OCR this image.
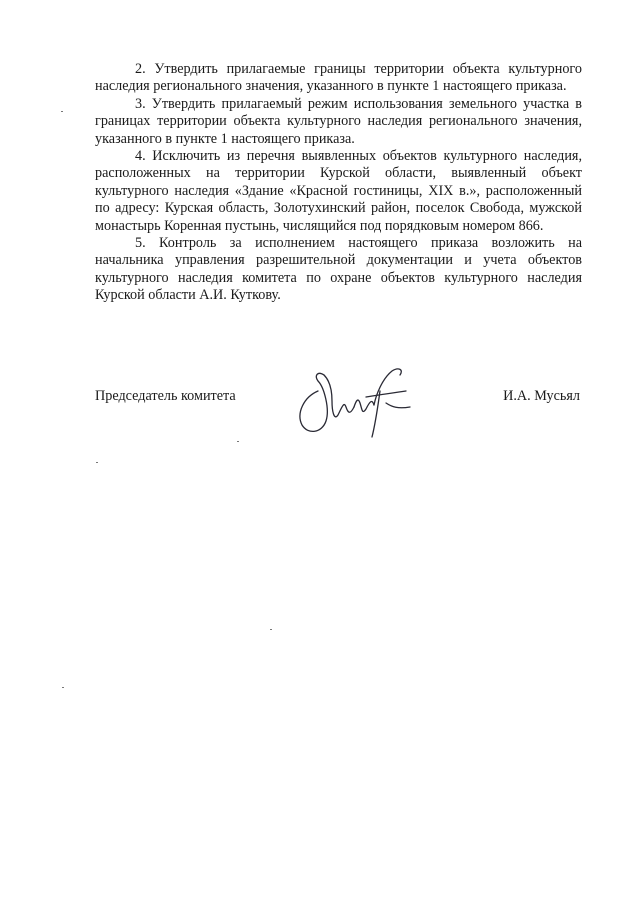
2. Утвердить прилагаемые границы территории объекта культурного наследия регионального значения, указанного в пункте 1 настоящего приказа.

3. Утвердить прилагаемый режим использования земельного участка в границах территории объекта культурного наследия регионального значения, указанного в пункте 1 настоящего приказа.

4. Исключить из перечня выявленных объектов культурного наследия, расположенных на территории Курской области, выявленный объект культурного наследия «Здание «Красной гостиницы, XIX в.», расположенный по адресу: Курская область, Золотухинский район, поселок Свобода, мужской монастырь Коренная пустынь, числящийся под порядковым номером 866.

5. Контроль за исполнением настоящего приказа возложить на начальника управления разрешительной документации и учета объектов культурного наследия комитета по охране объектов культурного наследия Курской области А.И. Куткову.

Председатель комитета	И.А. Мусьял
